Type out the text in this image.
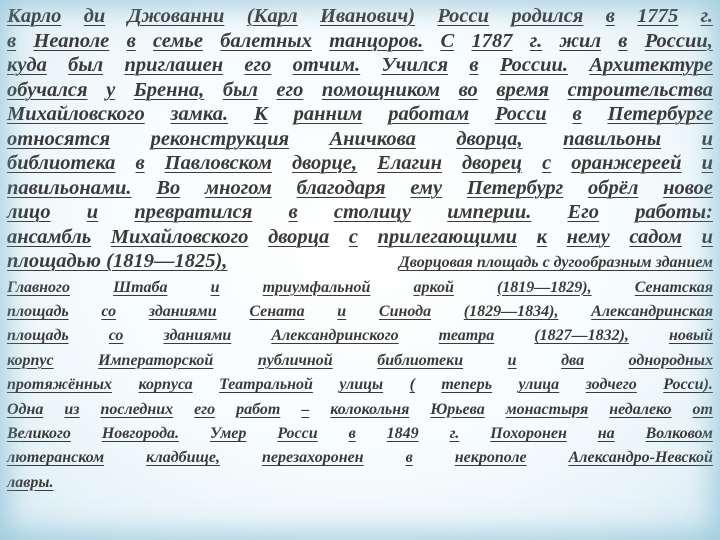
Карло ди Джованни (Карл Иванович) Росси родился в 1775 г.
в Неаполе в семье балетных танцоров. С 1787 г. жил в России,
куда был приглашен его отчим. Учился в России. Архитектуре
обучался у Бренна, был его помощником во время строительства
Михайловского замка. К ранним работам Росси в Петербурге
относятся реконструкция Аничкова дворца, павильоны и
библиотека в Павловском дворце, Елагин дворец с оранжереей и
павильонами. Во многом благодаря ему Петербург обрёл новое
лицо и превратился в столицу империи. Его работы:
ансамбль Михайловского дворца с прилегающими к нему садом и
площадью (1819—1825),	Дворцовая площадь с дугообразным зданием
Главного	Штаба	и	триумфальной	аркой	(1819—1829),	Сенатская
площадь со зданиями Сената и Синода (1829—1834), Александринская
площадь	со	зданиями	Александринского	театра	(1827—1832),	новый
корпус	Императорской	публичной	библиотеки	и	два	однородных
протяжённых корпуса Театральной улицы ( теперь улица зодчего Росси).
Одна из последних его работ – колокольня Юрьева монастыря недалеко от
Великого Новгорода. Умер Росси в 1849 г. Похоронен на Волковом
лютеранском	кладбище,	перезахоронен	в	некрополе	Александро-Невской
лавры.
